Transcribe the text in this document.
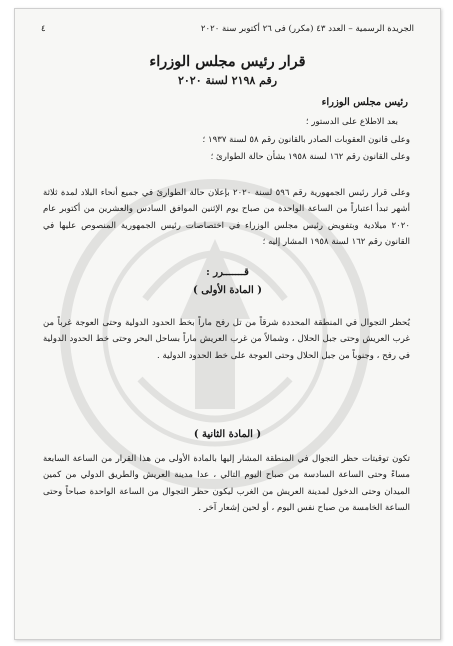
الجريدة الرسمية – العدد ٤٣ (مكرر) فى ٢٦ أكتوبر سنة ٢٠٢٠
٤
قرار رئيس مجلس الوزراء
رقم ٢١٩٨ لسنة ٢٠٢٠
رئيس مجلس الوزراء
بعد الاطلاع على الدستور ؛
وعلى قانون العقوبات الصادر بالقانون رقم ٥٨ لسنة ١٩٣٧ ؛
وعلى القانون رقم ١٦٢ لسنة ١٩٥٨ بشأن حالة الطوارئ ؛
وعلى قرار رئيس الجمهورية رقم ٥٩٦ لسنة ٢٠٢٠ بإعلان حالة الطوارئ في جميع أنحاء البلاد لمدة ثلاثة أشهر تبدأ اعتباراً من الساعة الواحدة من صباح يوم الإثنين الموافق السادس والعشرين من أكتوبر عام ٢٠٢٠ ميلادية وبتفويض رئيس مجلس الوزراء في اختصاصات رئيس الجمهورية المنصوص عليها في القانون رقم ١٦٢ لسنة ١٩٥٨ المشار إليه ؛
قـــــــرر :
( المادة الأولى )
يُحظر التجوال في المنطقة المحددة شرقاً من تل رفح ماراً بخط الحدود الدولية وحتى العوجة غرباً من غرب العريش وحتى جبل الحلال ، وشمالاً من غرب العريش ماراً بساحل البحر وحتى خط الحدود الدولية في رفح ، وجنوباً من جبل الحلال وحتى العوجة على خط الحدود الدولية .
( المادة الثانية )
تكون توقيتات حظر التجوال في المنطقة المشار إليها بالمادة الأولى من هذا القرار من الساعة السابعة مساءً وحتى الساعة السادسة من صباح اليوم التالي ، عدا مدينة العريش والطريق الدولي من كمين الميدان وحتى الدخول لمدينة العريش من الغرب ليكون حظر التجوال من الساعة الواحدة صباحاً وحتى الساعة الخامسة من صباح نفس اليوم ، أو لحين إشعار آخر .
